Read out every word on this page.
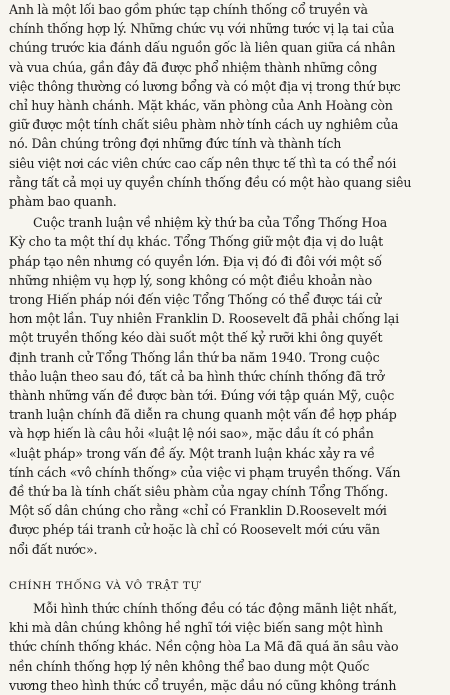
Anh là một lối bao gồm phức tạp chính thống cổ truyền và
chính thống hợp lý. Những chức vụ với những tước vị lạ tai của
chúng trước kia đánh dấu nguồn gốc là liên quan giữa cá nhân
và vua chúa, gần đây đã được phổ nhiệm thành những công
việc thông thường có lương bổng và có một địa vị trong thứ bực
chỉ huy hành chánh. Mặt khác, văn phòng của Anh Hoàng còn
giữ được một tính chất siêu phàm nhờ tính cách uy nghiêm của
nó. Dân chúng trông đợi những đức tính và thành tích
siêu việt nơi các viên chức cao cấp nên thực tế thì ta có thể nói
rằng tất cả mọi uy quyền chính thống đều có một hào quang siêu
phàm bao quanh.
Cuộc tranh luận về nhiệm kỳ thứ ba của Tổng Thống Hoa
Kỳ cho ta một thí dụ khác. Tổng Thống giữ một địa vị do luật
pháp tạo nên nhưng có quyền lớn. Địa vị đó đi đôi với một số
những nhiệm vụ hợp lý, song không có một điều khoản nào
trong Hiến pháp nói đến việc Tổng Thống có thể được tái cử
hơn một lần. Tuy nhiên Franklin D. Roosevelt đã phải chống lại
một truyền thống kéo dài suốt một thế kỷ rưỡi khi ông quyết
định tranh cử Tổng Thống lần thứ ba năm 1940. Trong cuộc
thảo luận theo sau đó, tất cả ba hình thức chính thống đã trở
thành những vấn đề được bàn tới. Đúng với tập quán Mỹ, cuộc
tranh luận chính đã diễn ra chung quanh một vấn đề hợp pháp
và hợp hiến là câu hỏi «luật lệ nói sao», mặc dầu ít có phần
«luật pháp» trong vấn đề ấy. Một tranh luận khác xảy ra về
tính cách «vô chính thống» của việc vi phạm truyền thống. Vấn
đề thứ ba là tính chất siêu phàm của ngay chính Tổng Thống.
Một số dân chúng cho rằng «chỉ có Franklin D.Roosevelt mới
được phép tái tranh cử hoặc là chỉ có Roosevelt mới cứu vãn
nổi đất nước».
CHÍNH THỐNG VÀ VÔ TRẬT TỰ
Mỗi hình thức chính thống đều có tác động mãnh liệt nhất,
khi mà dân chúng không hề nghĩ tới việc biến sang một hình
thức chính thống khác. Nền cộng hòa La Mã đã quá ăn sâu vào
nền chính thống hợp lý nên không thể bao dung một Quốc
vương theo hình thức cổ truyền, mặc dầu nó cũng không tránh
